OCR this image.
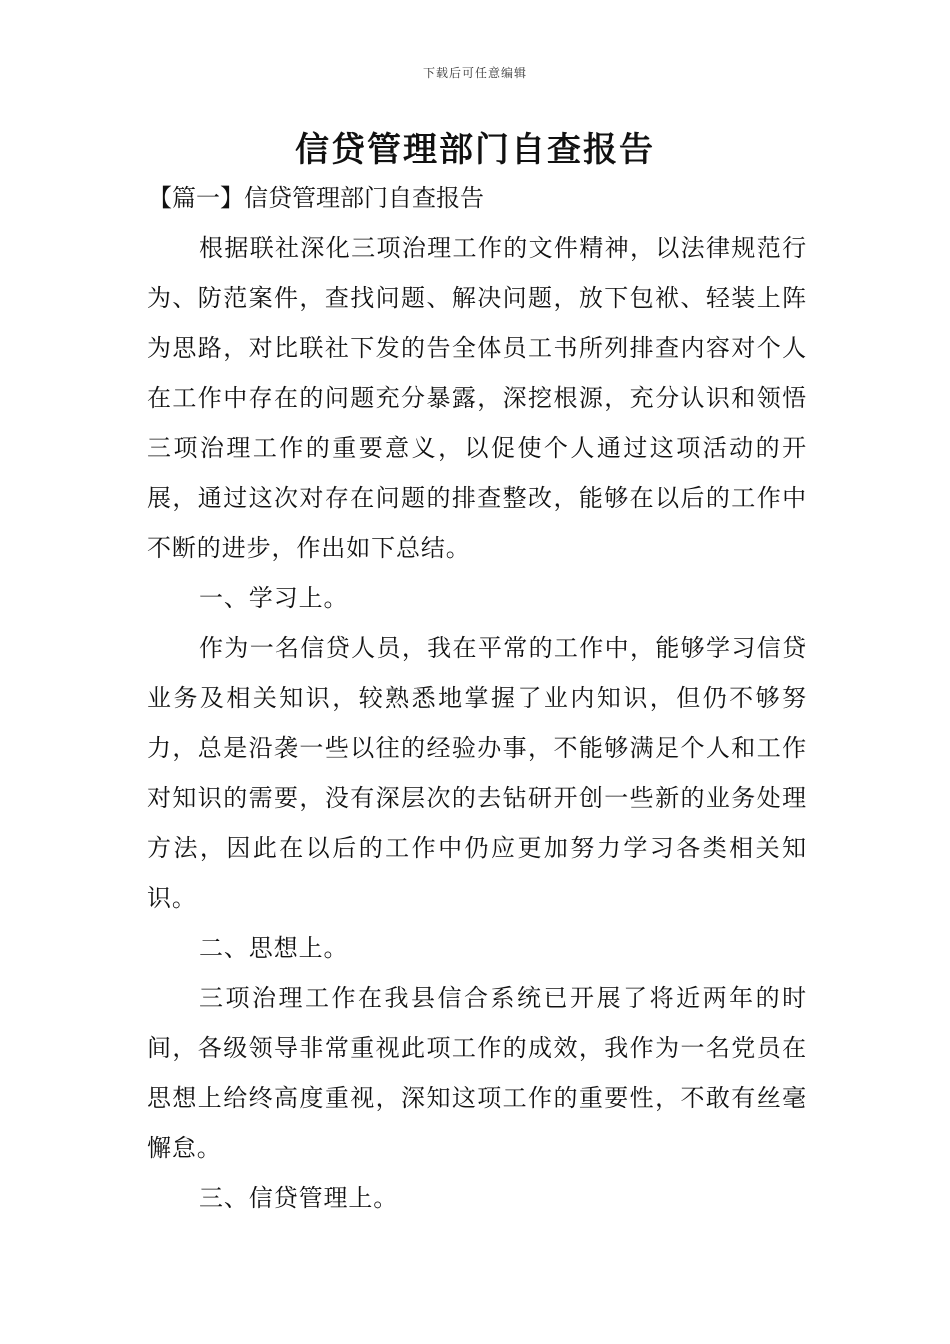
下载后可任意编辑
信贷管理部门自查报告
【篇一】信贷管理部门自查报告

根据联社深化三项治理工作的文件精神，以法律规范行为、防范案件，查找问题、解决问题，放下包袱、轻装上阵为思路，对比联社下发的告全体员工书所列排查内容对个人在工作中存在的问题充分暴露，深挖根源，充分认识和领悟三项治理工作的重要意义，以促使个人通过这项活动的开展，通过这次对存在问题的排查整改，能够在以后的工作中不断的进步，作出如下总结。

一、学习上。

作为一名信贷人员，我在平常的工作中，能够学习信贷业务及相关知识，较熟悉地掌握了业内知识，但仍不够努力，总是沿袭一些以往的经验办事，不能够满足个人和工作对知识的需要，没有深层次的去钻研开创一些新的业务处理方法，因此在以后的工作中仍应更加努力学习各类相关知识。

二、思想上。

三项治理工作在我县信合系统已开展了将近两年的时间，各级领导非常重视此项工作的成效，我作为一名党员在思想上给终高度重视，深知这项工作的重要性，不敢有丝毫懈怠。

三、信贷管理上。
